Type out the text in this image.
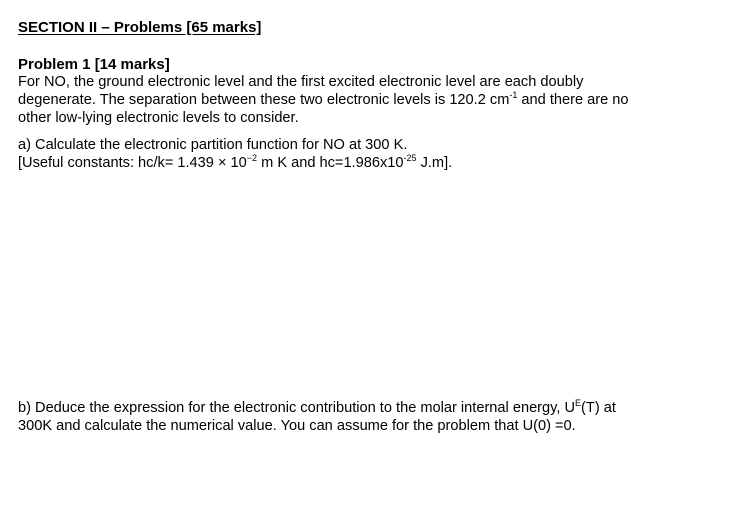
SECTION II – Problems [65 marks]
Problem 1 [14 marks]
For NO, the ground electronic level and the first excited electronic level are each doubly
degenerate. The separation between these two electronic levels is 120.2 $cm^{-1}$ and there are no
other low-lying electronic levels to consider.
a) Calculate the electronic partition function for NO at 300 K.
[Useful constants: $hc/k= 1.439 \times 10^{-2}$ m K and $hc=1.986x10^{-25}$ J.m].
b) Deduce the expression for the electronic contribution to the molar internal energy, $U^E(T)$ at
300K and calculate the numerical value. You can assume for the problem that U(0) =0.
